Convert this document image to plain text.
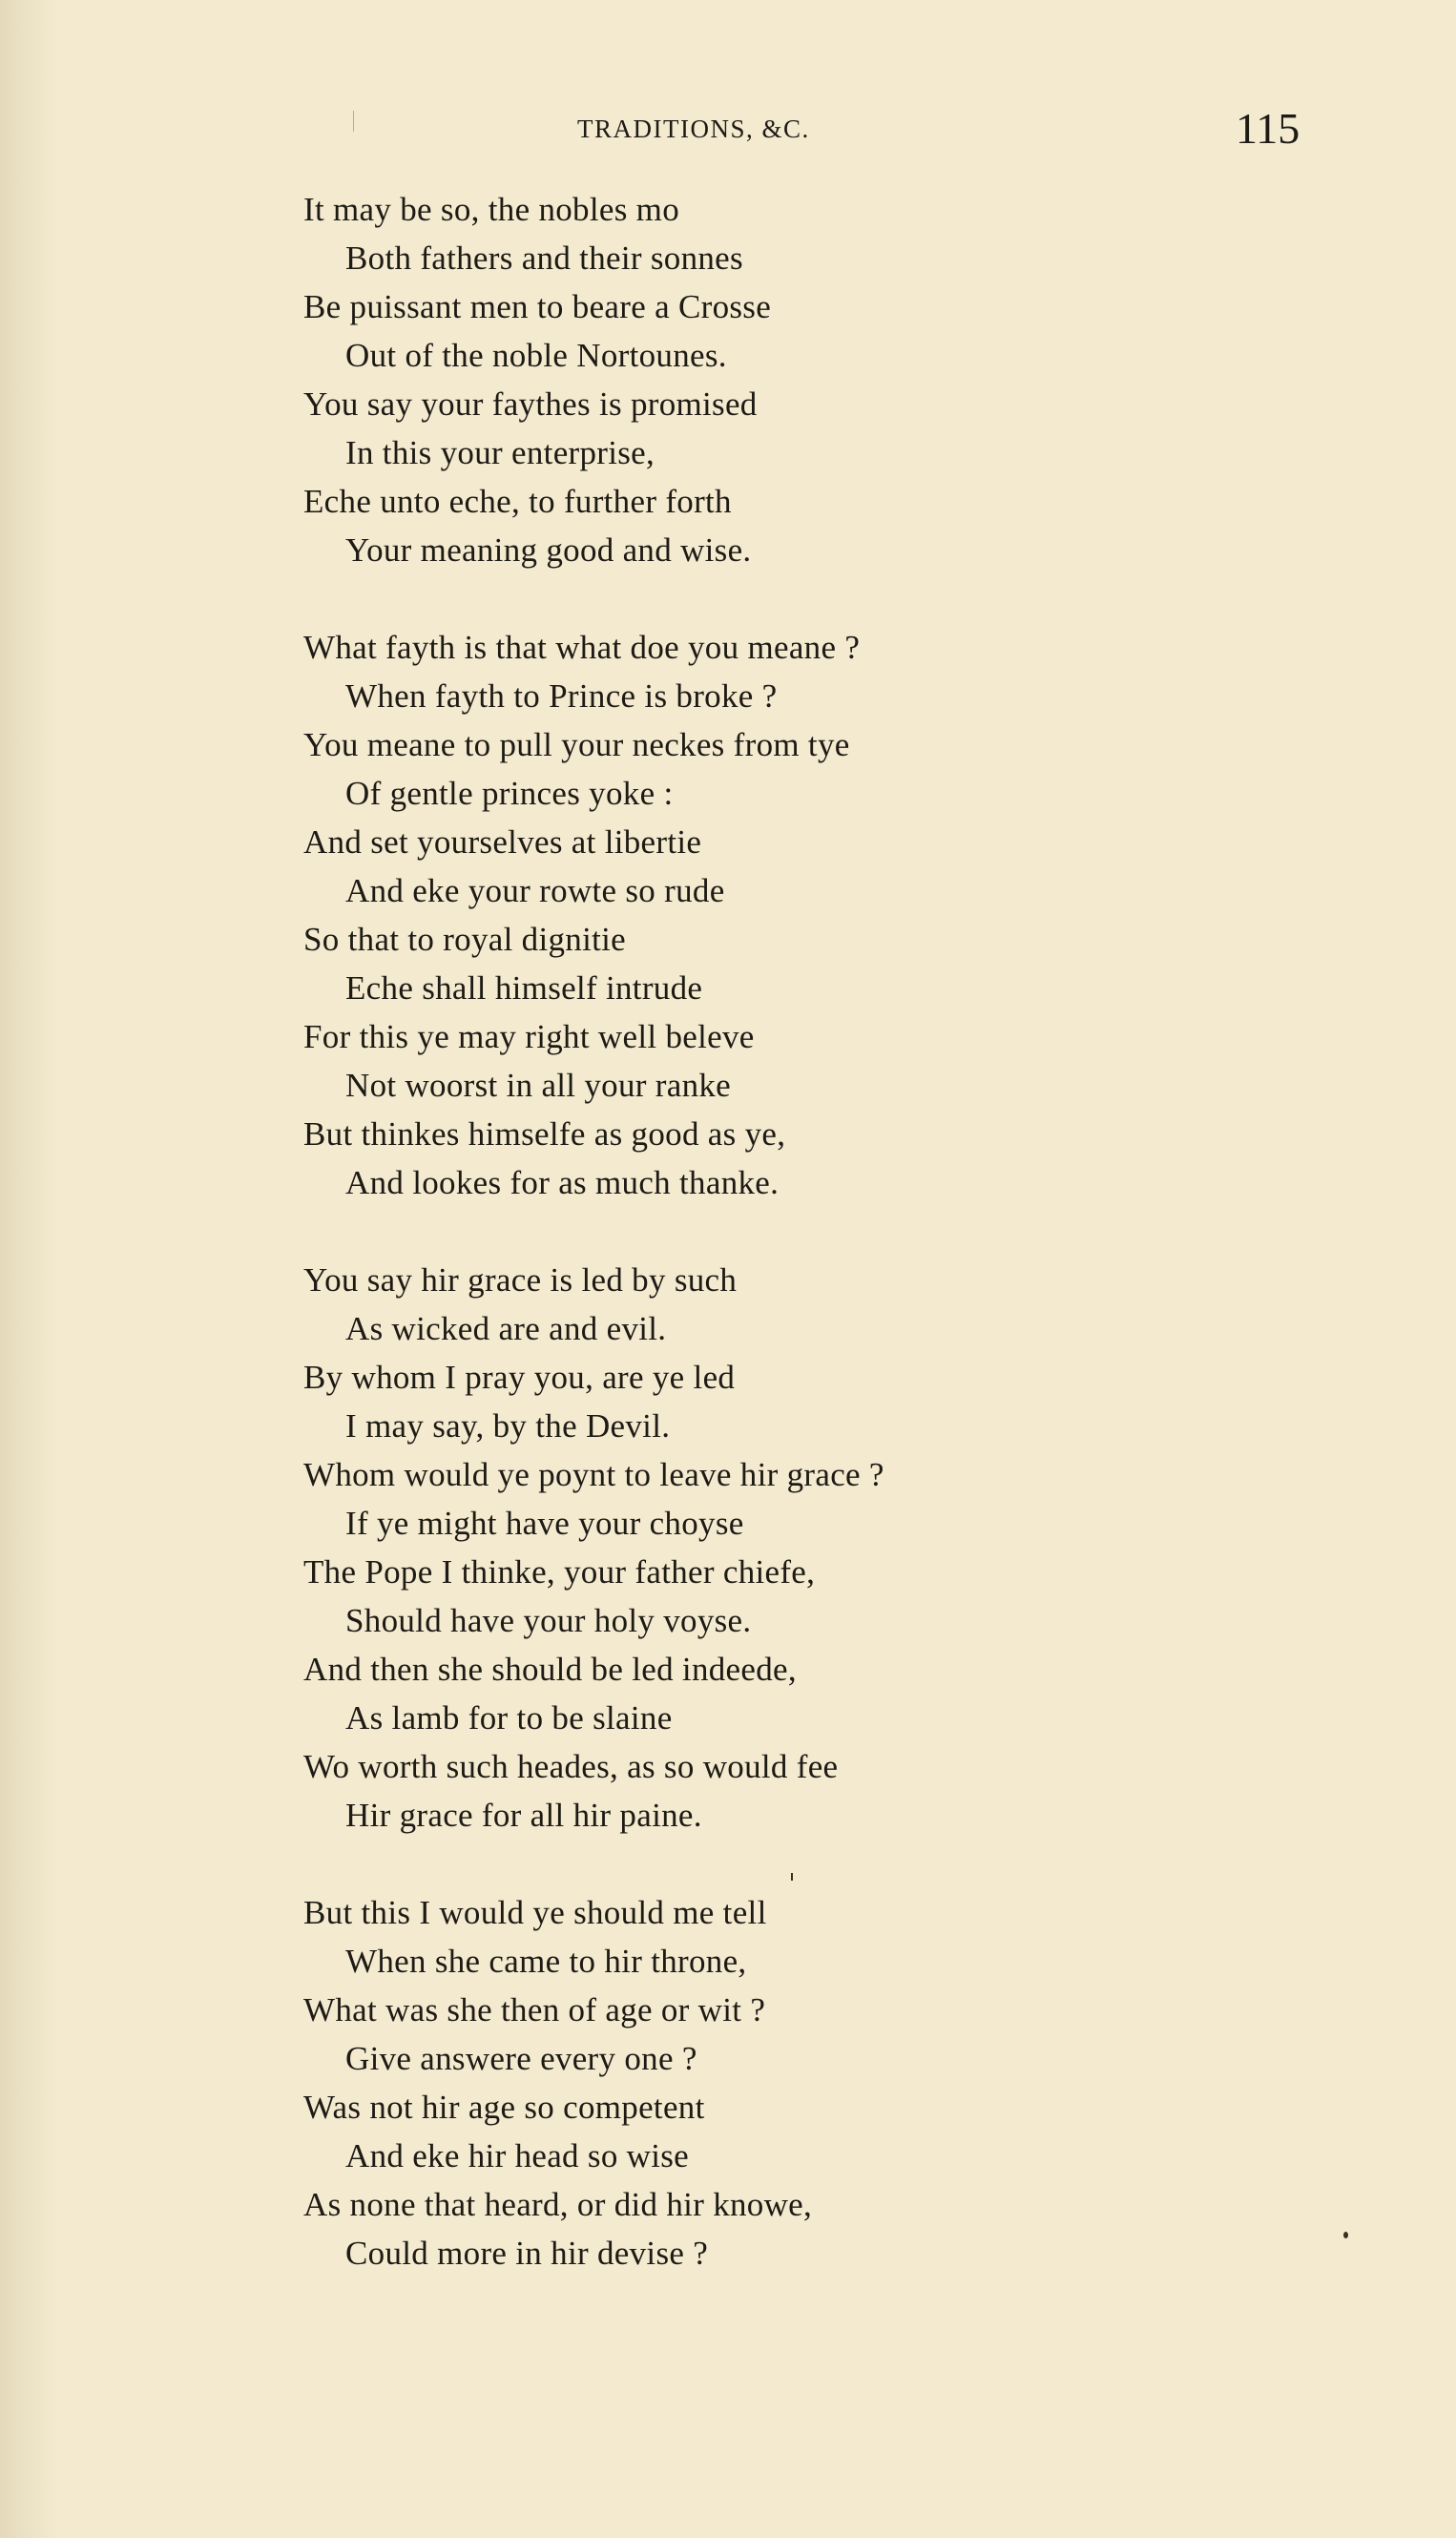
TRADITIONS, &C.	115
It may be so, the nobles mo
Both fathers and their sonnes
Be puissant men to beare a Crosse
Out of the noble Nortounes.
You say your faythes is promised
In this your enterprise,
Eche unto eche, to further forth
Your meaning good and wise.
What fayth is that what doe you meane ?
When fayth to Prince is broke ?
You meane to pull your neckes from tye
Of gentle princes yoke :
And set yourselves at libertie
And eke your rowte so rude
So that to royal dignitie
Eche shall himself intrude
For this ye may right well beleve
Not woorst in all your ranke
But thinkes himselfe as good as ye,
And lookes for as much thanke.
You say hir grace is led by such
As wicked are and evil.
By whom I pray you, are ye led
I may say, by the Devil.
Whom would ye poynt to leave hir grace ?
If ye might have your choyse
The Pope I thinke, your father chiefe,
Should have your holy voyse.
And then she should be led indeede,
As lamb for to be slaine
Wo worth such heades, as so would fee
Hir grace for all hir paine.
But this I would ye should me tell
When she came to hir throne,
What was she then of age or wit ?
Give answere every one ?
Was not hir age so competent
And eke hir head so wise
As none that heard, or did hir knowe,
Could more in hir devise ?
